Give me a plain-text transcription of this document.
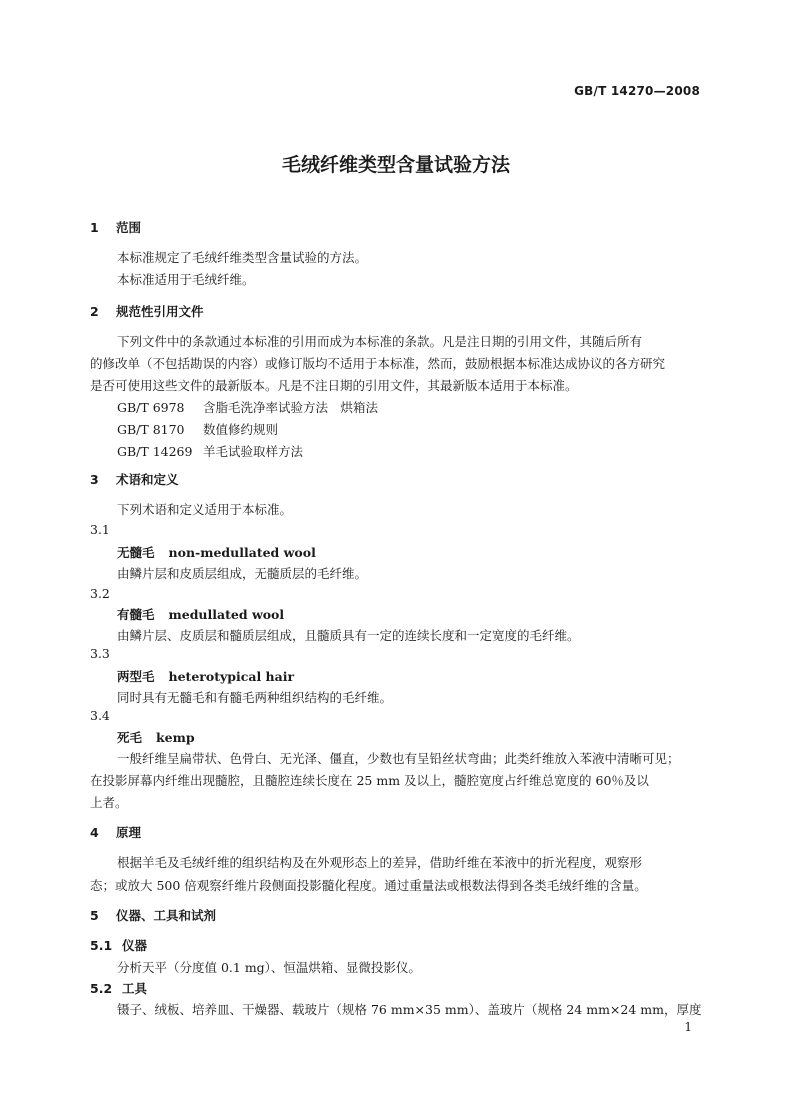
GB/T 14270—2008
毛绒纤维类型含量试验方法
1 范围
本标准规定了毛绒纤维类型含量试验的方法。
本标准适用于毛绒纤维。
2 规范性引用文件
下列文件中的条款通过本标准的引用而成为本标准的条款。凡是注日期的引用文件，其随后所有
的修改单（不包括勘误的内容）或修订版均不适用于本标准，然而，鼓励根据本标准达成协议的各方研究
是否可使用这些文件的最新版本。凡是不注日期的引用文件，其最新版本适用于本标准。
GB/T 6978 含脂毛洗净率试验方法　烘箱法
GB/T 8170 数值修约规则
GB/T 14269 羊毛试验取样方法
3 术语和定义
下列术语和定义适用于本标准。
3.1
无髓毛 non-medullated wool
由鳞片层和皮质层组成，无髓质层的毛纤维。
3.2
有髓毛 medullated wool
由鳞片层、皮质层和髓质层组成，且髓质具有一定的连续长度和一定宽度的毛纤维。
3.3
两型毛 heterotypical hair
同时具有无髓毛和有髓毛两种组织结构的毛纤维。
3.4
死毛 kemp
一般纤维呈扁带状、色骨白、无光泽、僵直，少数也有呈铅丝状弯曲；此类纤维放入苯液中清晰可见；
在投影屏幕内纤维出现髓腔，且髓腔连续长度在 25 mm 及以上，髓腔宽度占纤维总宽度的 60％及以
上者。
4 原理
根据羊毛及毛绒纤维的组织结构及在外观形态上的差异，借助纤维在苯液中的折光程度，观察形
态；或放大 500 倍观察纤维片段侧面投影髓化程度。通过重量法或根数法得到各类毛绒纤维的含量。
5 仪器、工具和试剂
5.1 仪器
分析天平（分度值 0.1 mg）、恒温烘箱、显微投影仪。
5.2 工具
镊子、绒板、培养皿、干燥器、载玻片（规格 76 mm×35 mm）、盖玻片（规格 24 mm×24 mm，厚度
1
